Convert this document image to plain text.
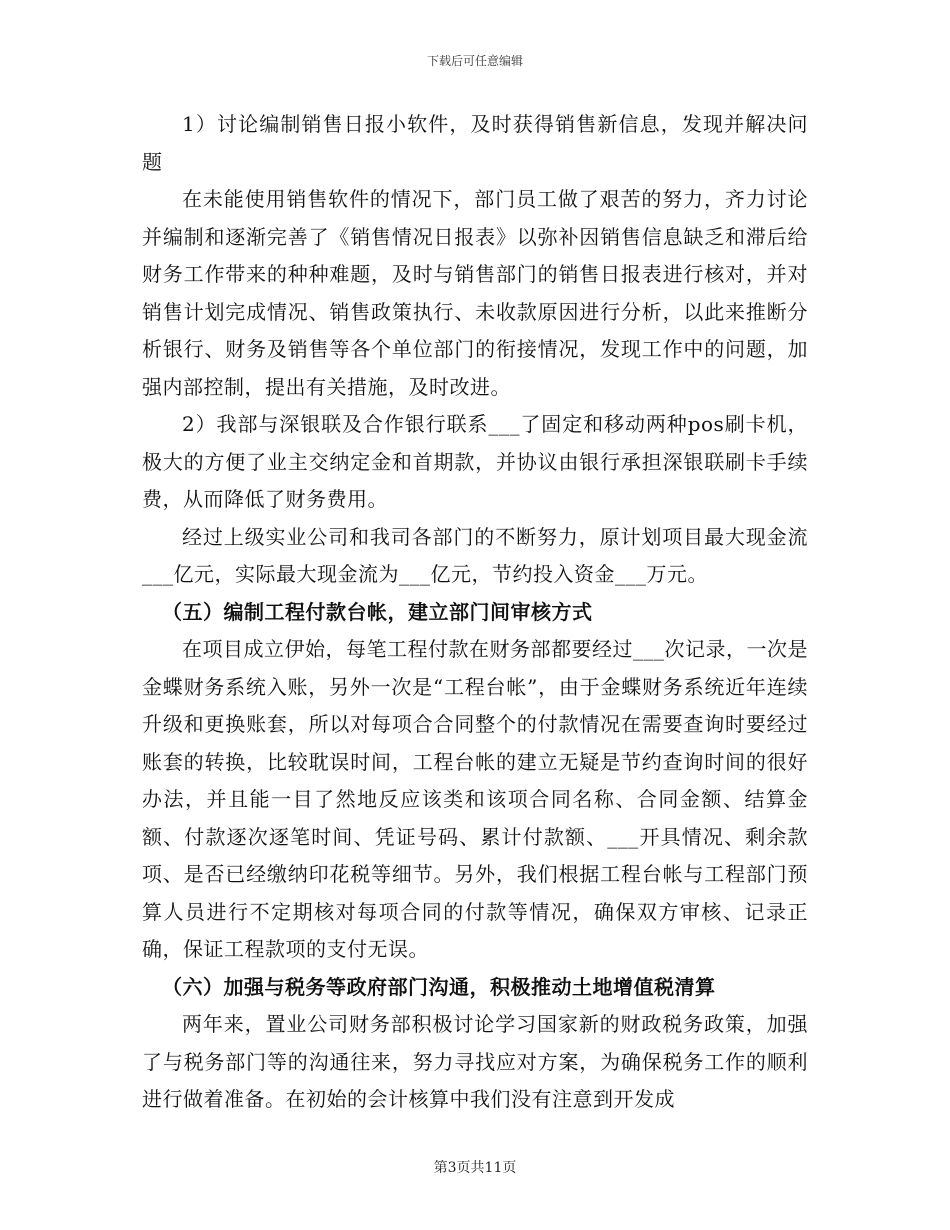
下载后可任意编辑

1）讨论编制销售日报小软件，及时获得销售新信息，发现并解决问题

在未能使用销售软件的情况下，部门员工做了艰苦的努力，齐力讨论并编制和逐渐完善了《销售情况日报表》以弥补因销售信息缺乏和滞后给财务工作带来的种种难题，及时与销售部门的销售日报表进行核对，并对销售计划完成情况、销售政策执行、未收款原因进行分析，以此来推断分析银行、财务及销售等各个单位部门的衔接情况，发现工作中的问题，加强内部控制，提出有关措施，及时改进。

2）我部与深银联及合作银行联系___了固定和移动两种pos刷卡机，极大的方便了业主交纳定金和首期款，并协议由银行承担深银联刷卡手续费，从而降低了财务费用。

经过上级实业公司和我司各部门的不断努力，原计划项目最大现金流___亿元，实际最大现金流为___亿元，节约投入资金___万元。

（五）编制工程付款台帐，建立部门间审核方式

在项目成立伊始，每笔工程付款在财务部都要经过___次记录，一次是金蝶财务系统入账，另外一次是“工程台帐”，由于金蝶财务系统近年连续升级和更换账套，所以对每项合合同整个的付款情况在需要查询时要经过账套的转换，比较耽误时间，工程台帐的建立无疑是节约查询时间的很好办法，并且能一目了然地反应该类和该项合同名称、合同金额、结算金额、付款逐次逐笔时间、凭证号码、累计付款额、___开具情况、剩余款项、是否已经缴纳印花税等细节。另外，我们根据工程台帐与工程部门预算人员进行不定期核对每项合同的付款等情况，确保双方审核、记录正确，保证工程款项的支付无误。

（六）加强与税务等政府部门沟通，积极推动土地增值税清算

两年来，置业公司财务部积极讨论学习国家新的财政税务政策，加强了与税务部门等的沟通往来，努力寻找应对方案，为确保税务工作的顺利进行做着准备。在初始的会计核算中我们没有注意到开发成

第3页共11页
